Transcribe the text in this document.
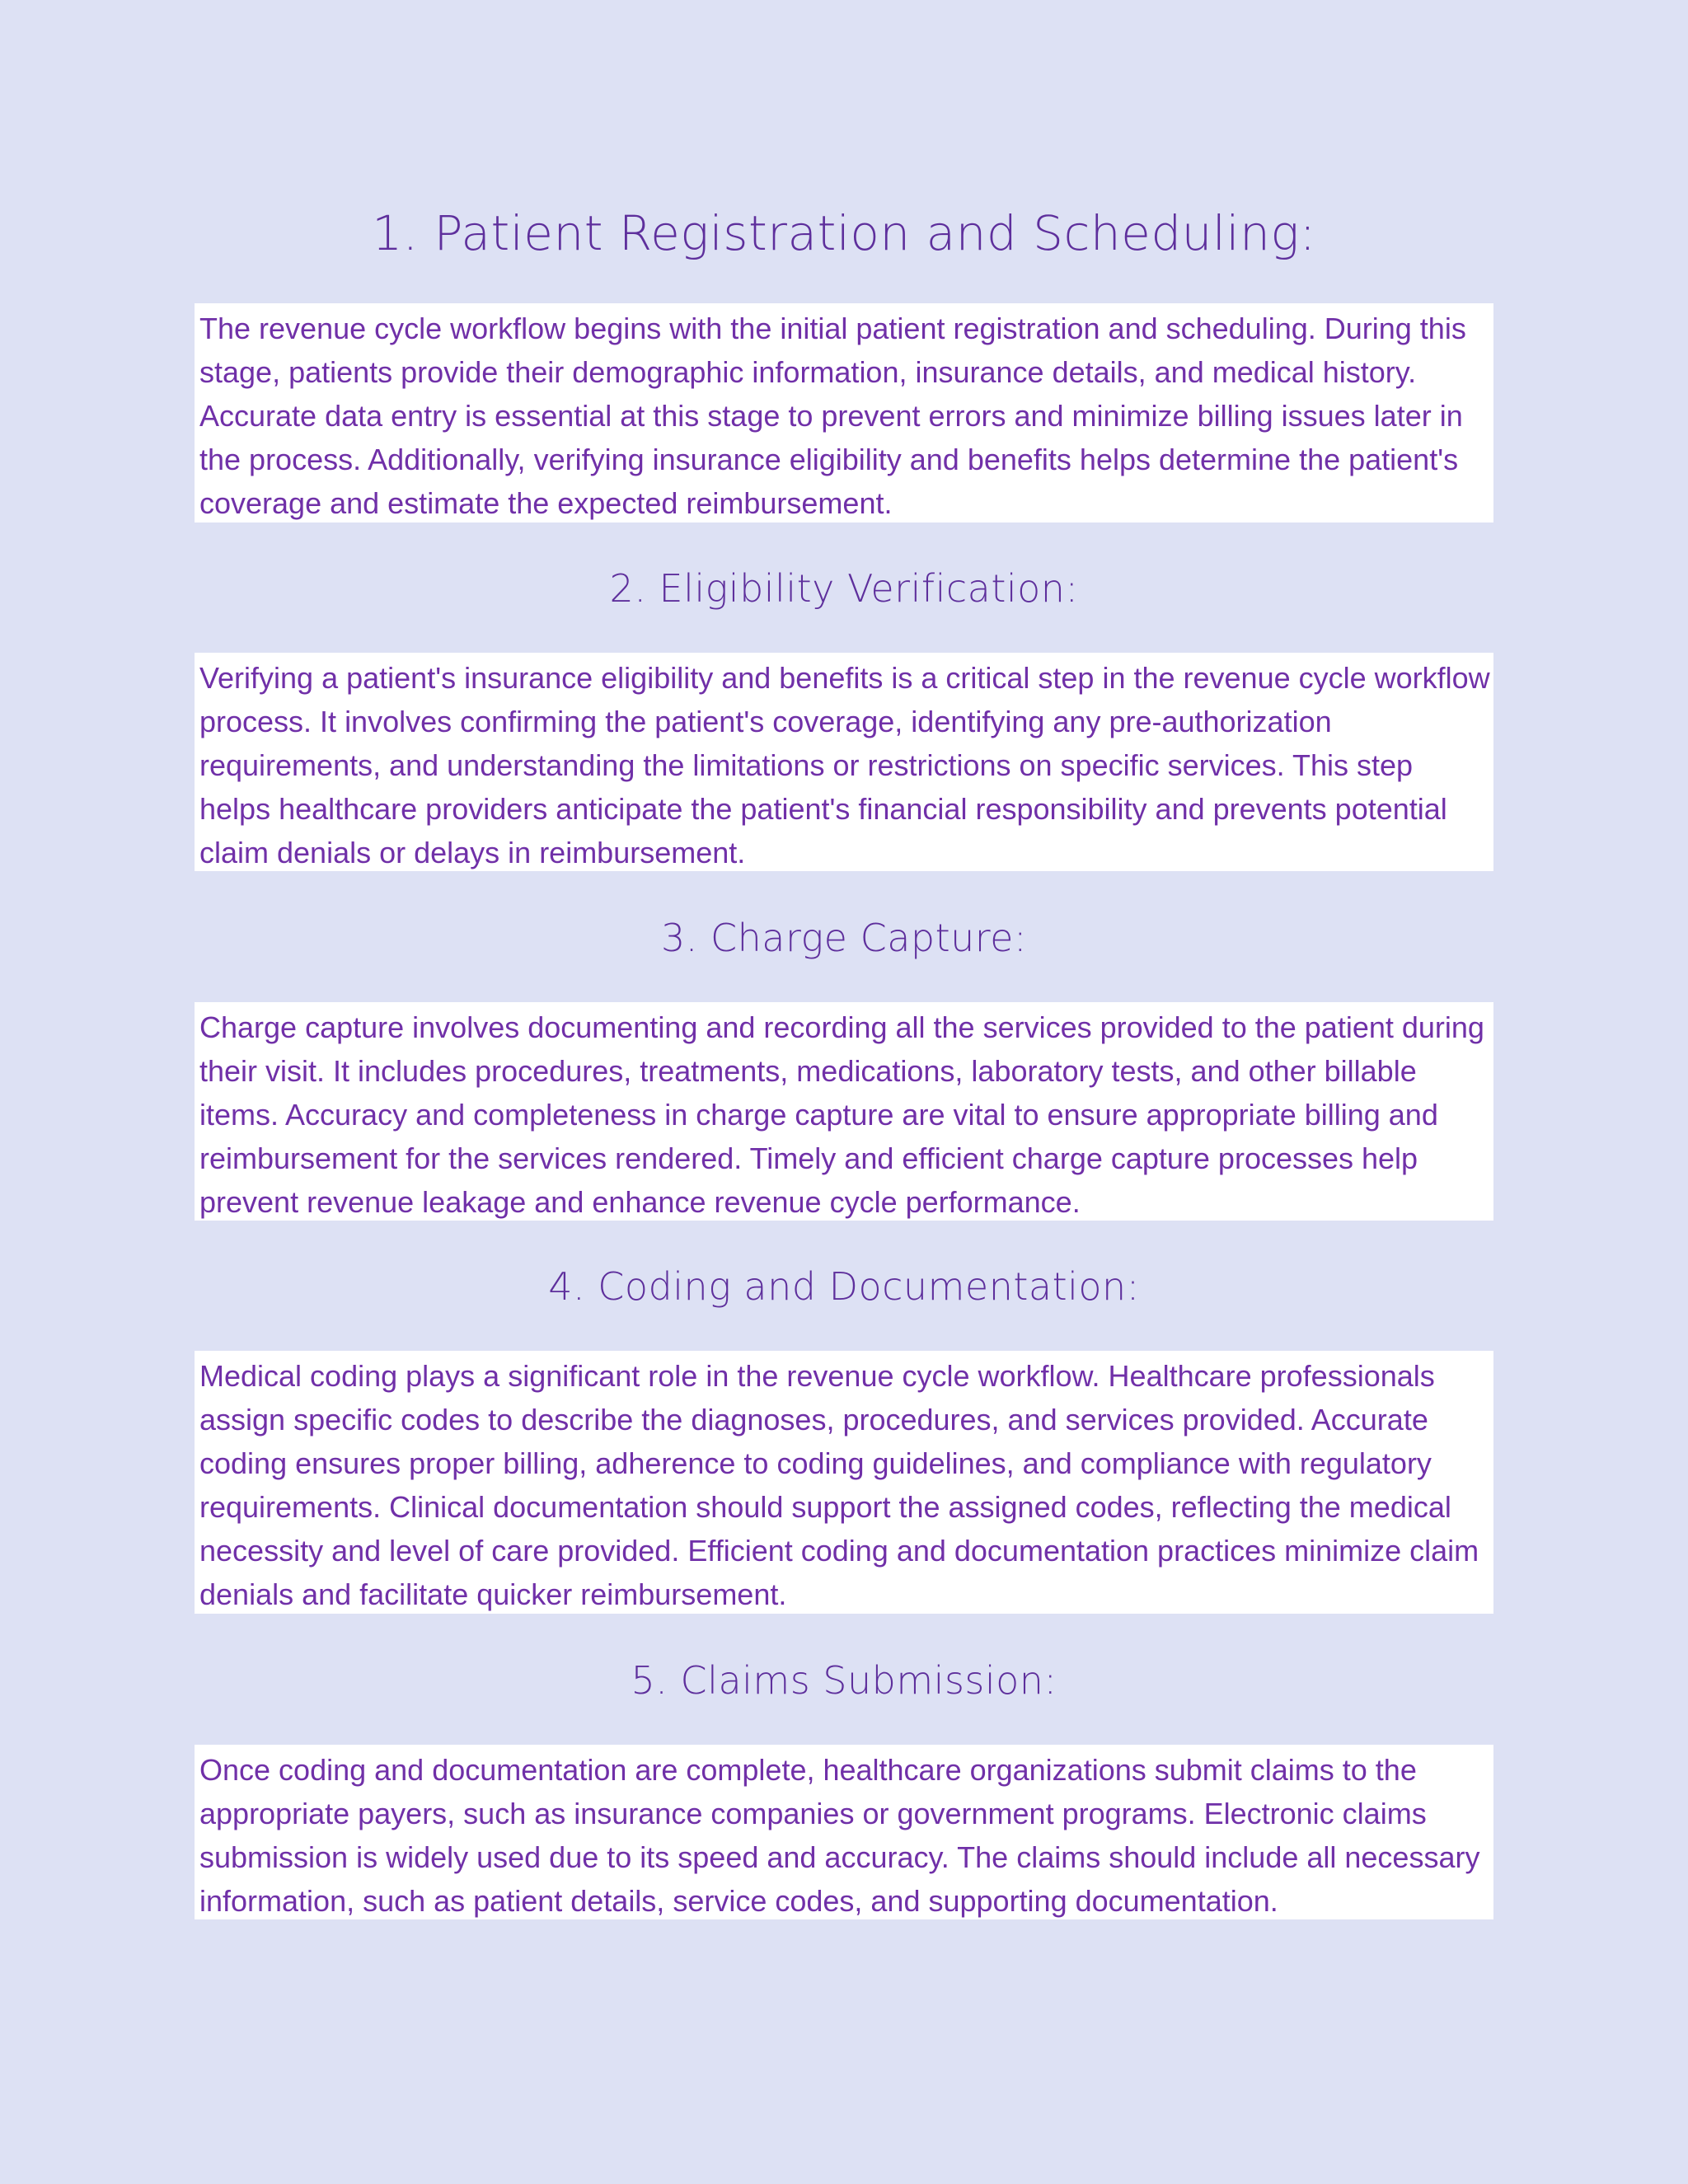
1. Patient Registration and Scheduling:

The revenue cycle workflow begins with the initial patient registration and scheduling. During this stage, patients provide their demographic information, insurance details, and medical history. Accurate data entry is essential at this stage to prevent errors and minimize billing issues later in the process. Additionally, verifying insurance eligibility and benefits helps determine the patient's coverage and estimate the expected reimbursement.

2. Eligibility Verification:

Verifying a patient's insurance eligibility and benefits is a critical step in the revenue cycle workflow process. It involves confirming the patient's coverage, identifying any pre-authorization requirements, and understanding the limitations or restrictions on specific services. This step helps healthcare providers anticipate the patient's financial responsibility and prevents potential claim denials or delays in reimbursement.

3. Charge Capture:

Charge capture involves documenting and recording all the services provided to the patient during their visit. It includes procedures, treatments, medications, laboratory tests, and other billable items. Accuracy and completeness in charge capture are vital to ensure appropriate billing and reimbursement for the services rendered. Timely and efficient charge capture processes help prevent revenue leakage and enhance revenue cycle performance.

4. Coding and Documentation:

Medical coding plays a significant role in the revenue cycle workflow. Healthcare professionals assign specific codes to describe the diagnoses, procedures, and services provided. Accurate coding ensures proper billing, adherence to coding guidelines, and compliance with regulatory requirements. Clinical documentation should support the assigned codes, reflecting the medical necessity and level of care provided. Efficient coding and documentation practices minimize claim denials and facilitate quicker reimbursement.

5. Claims Submission:

Once coding and documentation are complete, healthcare organizations submit claims to the appropriate payers, such as insurance companies or government programs. Electronic claims submission is widely used due to its speed and accuracy. The claims should include all necessary information, such as patient details, service codes, and supporting documentation.
